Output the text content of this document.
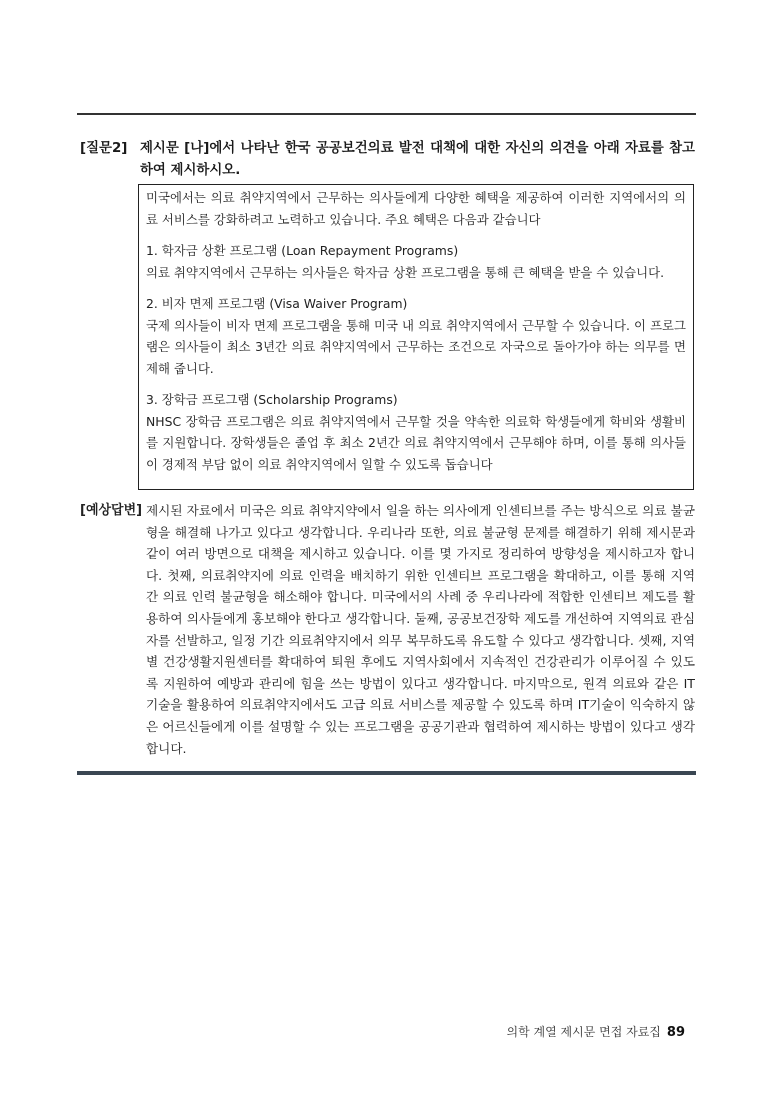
[질문2] 제시문 [나]에서 나타난 한국 공공보건의료 발전 대책에 대한 자신의 의견을 아래 자료를 참고하여 제시하시오.

미국에서는 의료 취약지역에서 근무하는 의사들에게 다양한 혜택을 제공하여 이러한 지역에서의 의료 서비스를 강화하려고 노력하고 있습니다. 주요 혜택은 다음과 같습니다

1. 학자금 상환 프로그램 (Loan Repayment Programs)

의료 취약지역에서 근무하는 의사들은 학자금 상환 프로그램을 통해 큰 혜택을 받을 수 있습니다.

2. 비자 면제 프로그램 (Visa Waiver Program)

국제 의사들이 비자 면제 프로그램을 통해 미국 내 의료 취약지역에서 근무할 수 있습니다. 이 프로그램은 의사들이 최소 3년간 의료 취약지역에서 근무하는 조건으로 자국으로 돌아가야 하는 의무를 면제해 줍니다.

3. 장학금 프로그램 (Scholarship Programs)

NHSC 장학금 프로그램은 의료 취약지역에서 근무할 것을 약속한 의료학 학생들에게 학비와 생활비를 지원합니다. 장학생들은 졸업 후 최소 2년간 의료 취약지역에서 근무해야 하며, 이를 통해 의사들이 경제적 부담 없이 의료 취약지역에서 일할 수 있도록 돕습니다

[예상답변] 제시된 자료에서 미국은 의료 취약지약에서 일을 하는 의사에게 인센티브를 주는 방식으로 의료 불균형을 해결해 나가고 있다고 생각합니다. 우리나라 또한, 의료 불균형 문제를 해결하기 위해 제시문과 같이 여러 방면으로 대책을 제시하고 있습니다. 이를 몇 가지로 정리하여 방향성을 제시하고자 합니다. 첫째, 의료취약지에 의료 인력을 배치하기 위한 인센티브 프로그램을 확대하고, 이를 통해 지역 간 의료 인력 불균형을 해소해야 합니다. 미국에서의 사례 중 우리나라에 적합한 인센티브 제도를 활용하여 의사들에게 홍보해야 한다고 생각합니다. 둘째, 공공보건장학 제도를 개선하여 지역의료 관심자를 선발하고, 일정 기간 의료취약지에서 의무 복무하도록 유도할 수 있다고 생각합니다. 셋째, 지역별 건강생활지원센터를 확대하여 퇴원 후에도 지역사회에서 지속적인 건강관리가 이루어질 수 있도록 지원하여 예방과 관리에 힘을 쓰는 방법이 있다고 생각합니다. 마지막으로, 원격 의료와 같은 IT 기술을 활용하여 의료취약지에서도 고급 의료 서비스를 제공할 수 있도록 하며 IT기술이 익숙하지 않은 어르신들에게 이를 설명할 수 있는 프로그램을 공공기관과 협력하여 제시하는 방법이 있다고 생각합니다.
의학 계열 제시문 면접 자료집 89
